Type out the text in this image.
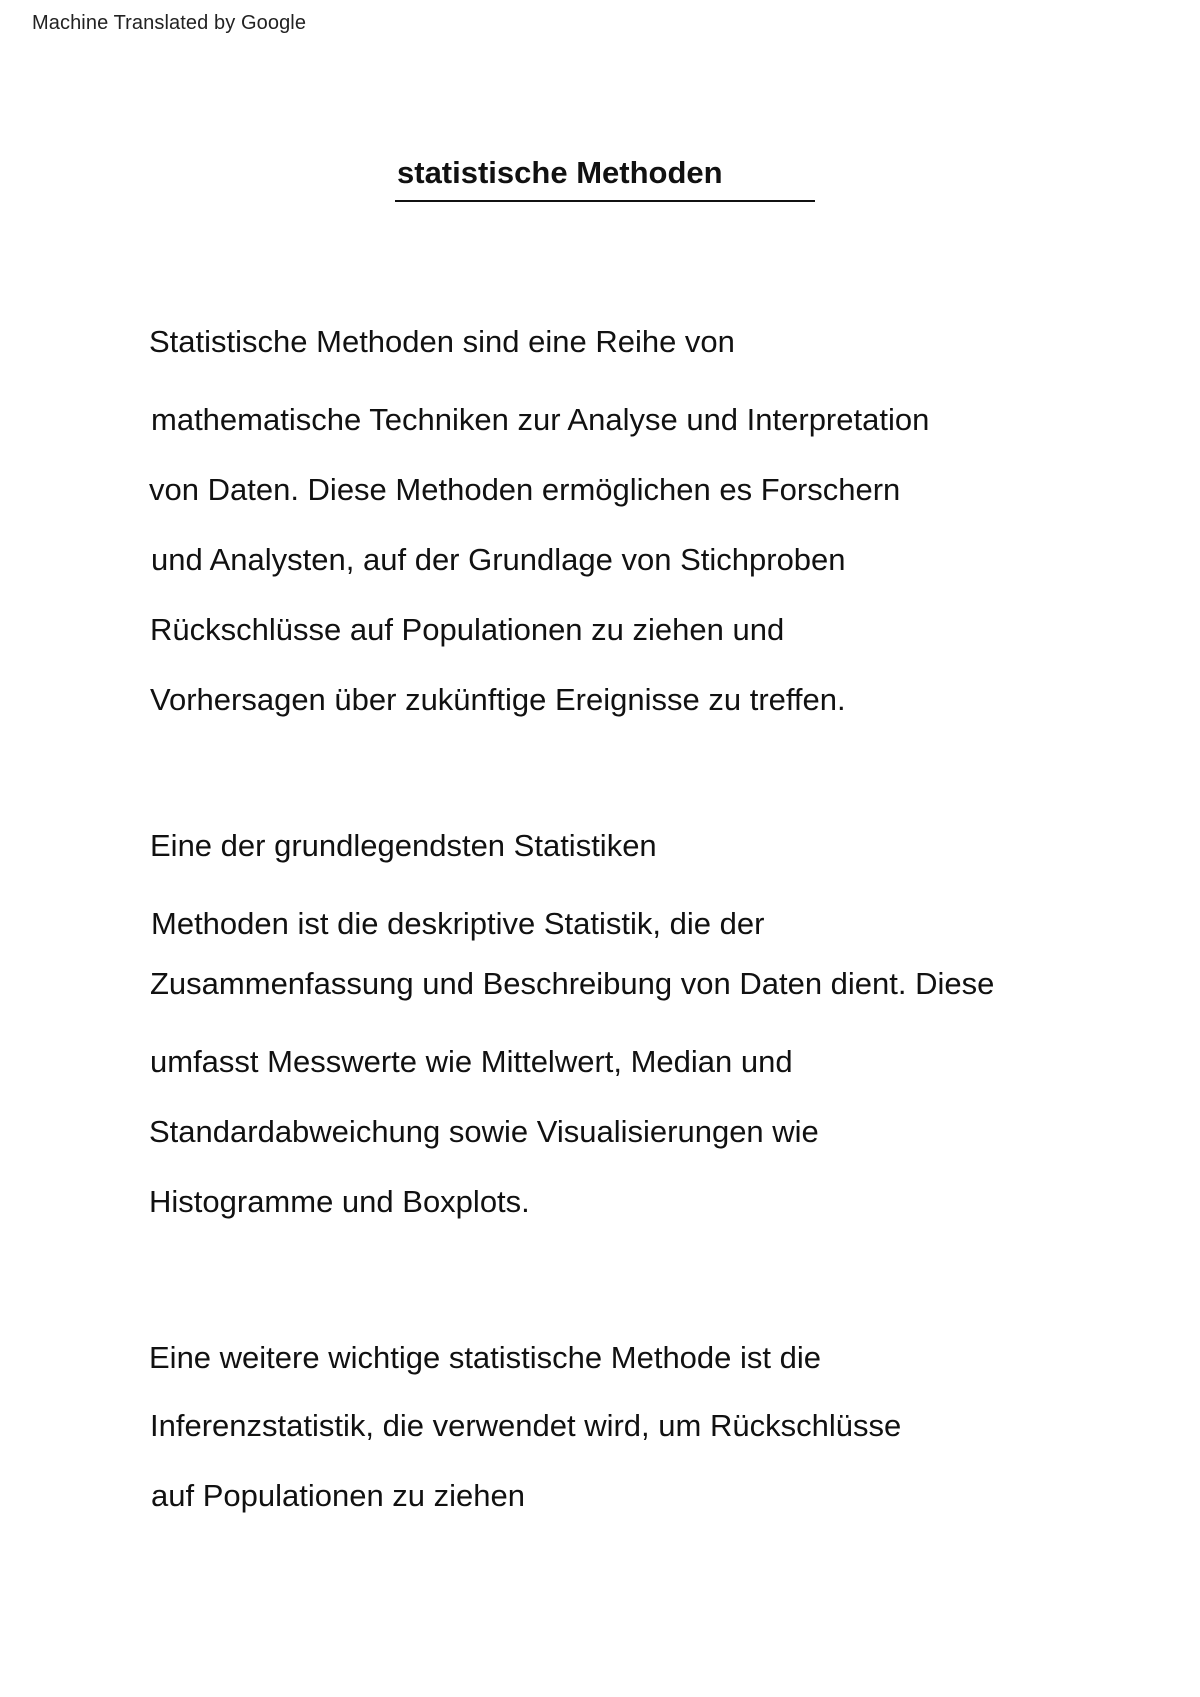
Machine Translated by Google
statistische Methoden

Statistische Methoden sind eine Reihe von

mathematische Techniken zur Analyse und Interpretation

von Daten. Diese Methoden ermöglichen es Forschern

und Analysten, auf der Grundlage von Stichproben

Rückschlüsse auf Populationen zu ziehen und

Vorhersagen über zukünftige Ereignisse zu treffen.

Eine der grundlegendsten Statistiken

Methoden ist die deskriptive Statistik, die der

Zusammenfassung und Beschreibung von Daten dient. Diese

umfasst Messwerte wie Mittelwert, Median und

Standardabweichung sowie Visualisierungen wie

Histogramme und Boxplots.

Eine weitere wichtige statistische Methode ist die

Inferenzstatistik, die verwendet wird, um Rückschlüsse

auf Populationen zu ziehen
